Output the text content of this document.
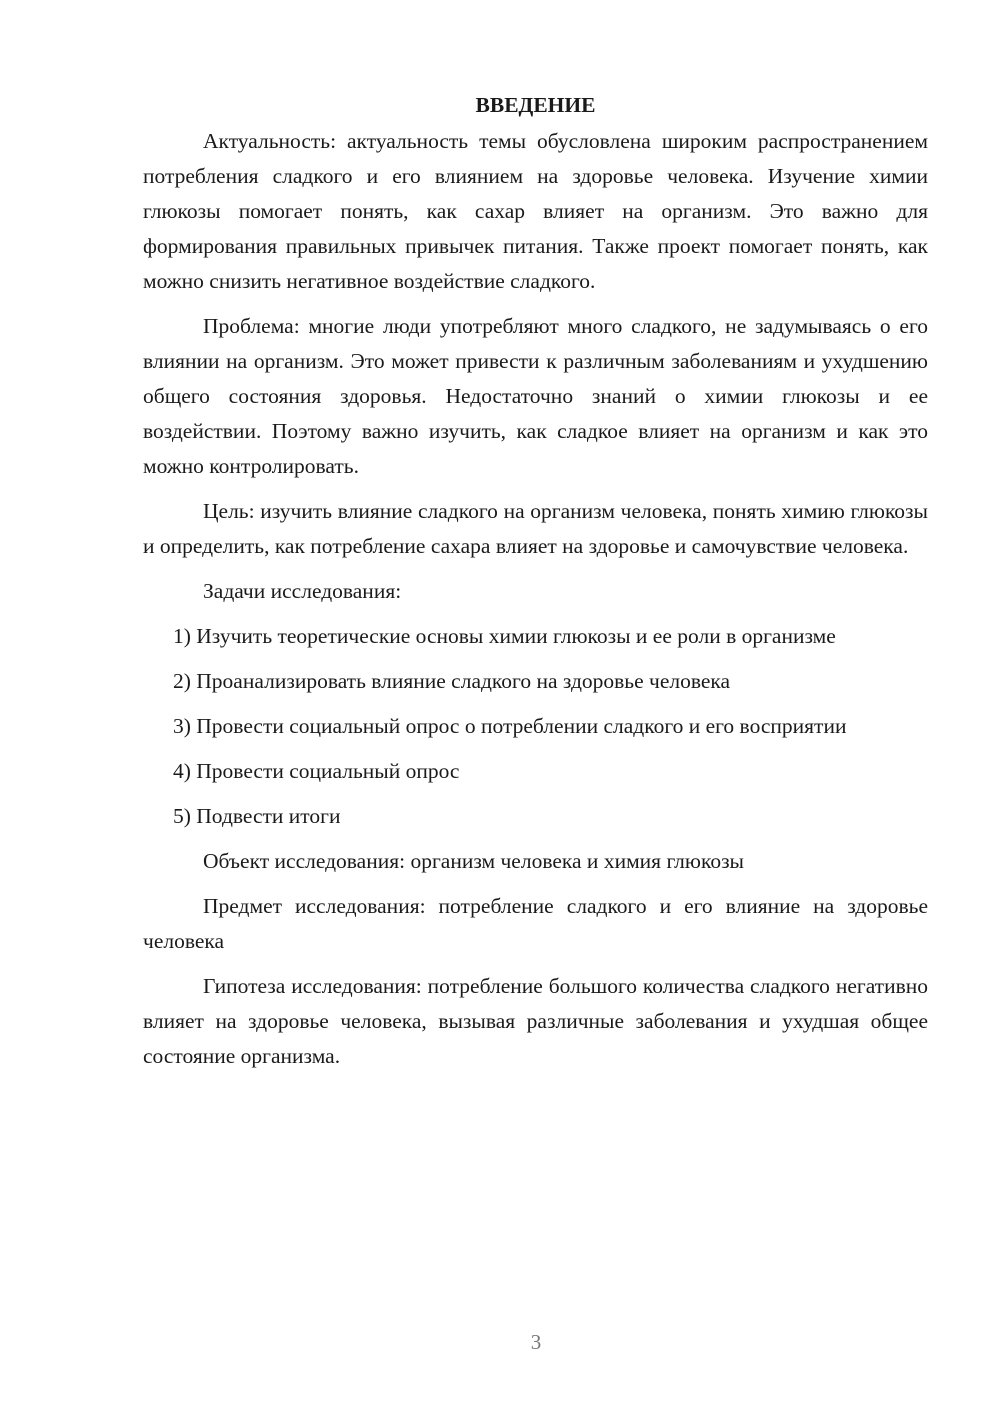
ВВЕДЕНИЕ

Актуальность: актуальность темы обусловлена широким распространением потребления сладкого и его влиянием на здоровье человека. Изучение химии глюкозы помогает понять, как сахар влияет на организм. Это важно для формирования правильных привычек питания. Также проект помогает понять, как можно снизить негативное воздействие сладкого.

Проблема: многие люди употребляют много сладкого, не задумываясь о его влиянии на организм. Это может привести к различным заболеваниям и ухудшению общего состояния здоровья. Недостаточно знаний о химии глюкозы и ее воздействии. Поэтому важно изучить, как сладкое влияет на организм и как это можно контролировать.

Цель: изучить влияние сладкого на организм человека, понять химию глюкозы и определить, как потребление сахара влияет на здоровье и самочувствие человека.

Задачи исследования:

1) Изучить теоретические основы химии глюкозы и ее роли в организме

2) Проанализировать влияние сладкого на здоровье человека

3) Провести социальный опрос о потреблении сладкого и его восприятии

4) Провести социальный опрос

5) Подвести итоги

Объект исследования: организм человека и химия глюкозы

Предмет исследования: потребление сладкого и его влияние на здоровье человека

Гипотеза исследования: потребление большого количества сладкого негативно влияет на здоровье человека, вызывая различные заболевания и ухудшая общее состояние организма.

3
